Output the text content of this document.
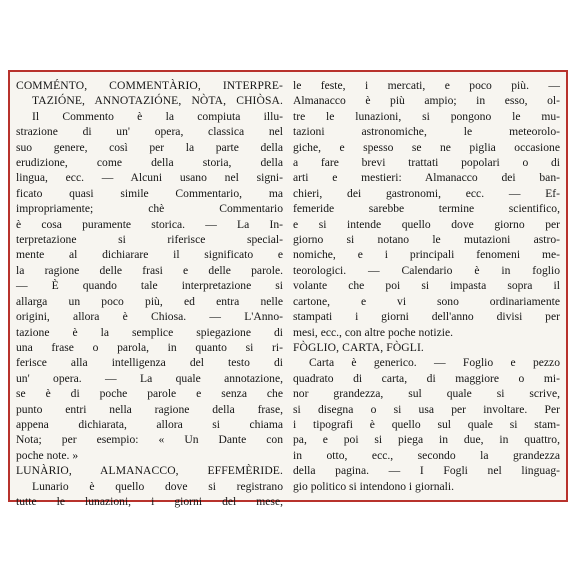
COMMÉNTO, COMMENTÀRIO, INTERPRE-
TAZIÓNE, ANNOTAZIÓNE, NÒTA, CHIÒSA.
Il Commento è la compiuta illu-
strazione di un' opera, classica nel
suo genere, così per la parte della
erudizione, come della storia, della
lingua, ecc. — Alcuni usano nel signi-
ficato quasi simile Commentario, ma
impropriamente; chè Commentario
è cosa puramente storica. — La In-
terpretazione si riferisce special-
mente al dichiarare il significato e
la ragione delle frasi e delle parole.
— È quando tale interpretazione si
allarga un poco più, ed entra nelle
origini, allora è Chiosa. — L'Anno-
tazione è la semplice spiegazione di
una frase o parola, in quanto si ri-
ferisce alla intelligenza del testo di
un' opera. — La quale annotazione,
se è di poche parole e senza che
punto entri nella ragione della frase,
appena dichiarata, allora si chiama
Nota; per esempio: « Un Dante con
poche note. »
LUNÀRIO, ALMANACCO, EFFEMÈRIDE.
Lunario è quello dove si registrano
tutte le lunazioni, i giorni del mese,
le feste, i mercati, e poco più. —
Almanacco è più ampio; in esso, ol-
tre le lunazioni, si pongono le mu-
tazioni astronomiche, le meteorolo-
giche, e spesso se ne piglia occasione
a fare brevi trattati popolari o di
arti e mestieri: Almanacco dei ban-
chieri, dei gastronomi, ecc. — Ef-
femeride sarebbe termine scientifico,
e si intende quello dove giorno per
giorno si notano le mutazioni astro-
nomiche, e i principali fenomeni me-
teorologici. — Calendario è in foglio
volante che poi si impasta sopra il
cartone, e vi sono ordinariamente
stampati i giorni dell'anno divisi per
mesi, ecc., con altre poche notizie.
FÒGLIO, CARTA, FÒGLI.
Carta è generico. — Foglio e pezzo
quadrato di carta, di maggiore o mi-
nor grandezza, sul quale si scrive,
si disegna o si usa per involtare. Per
i tipografi è quello sul quale si stam-
pa, e poi si piega in due, in quattro,
in otto, ecc., secondo la grandezza
della pagina. — I Fogli nel linguag-
gio politico si intendono i giornali.
